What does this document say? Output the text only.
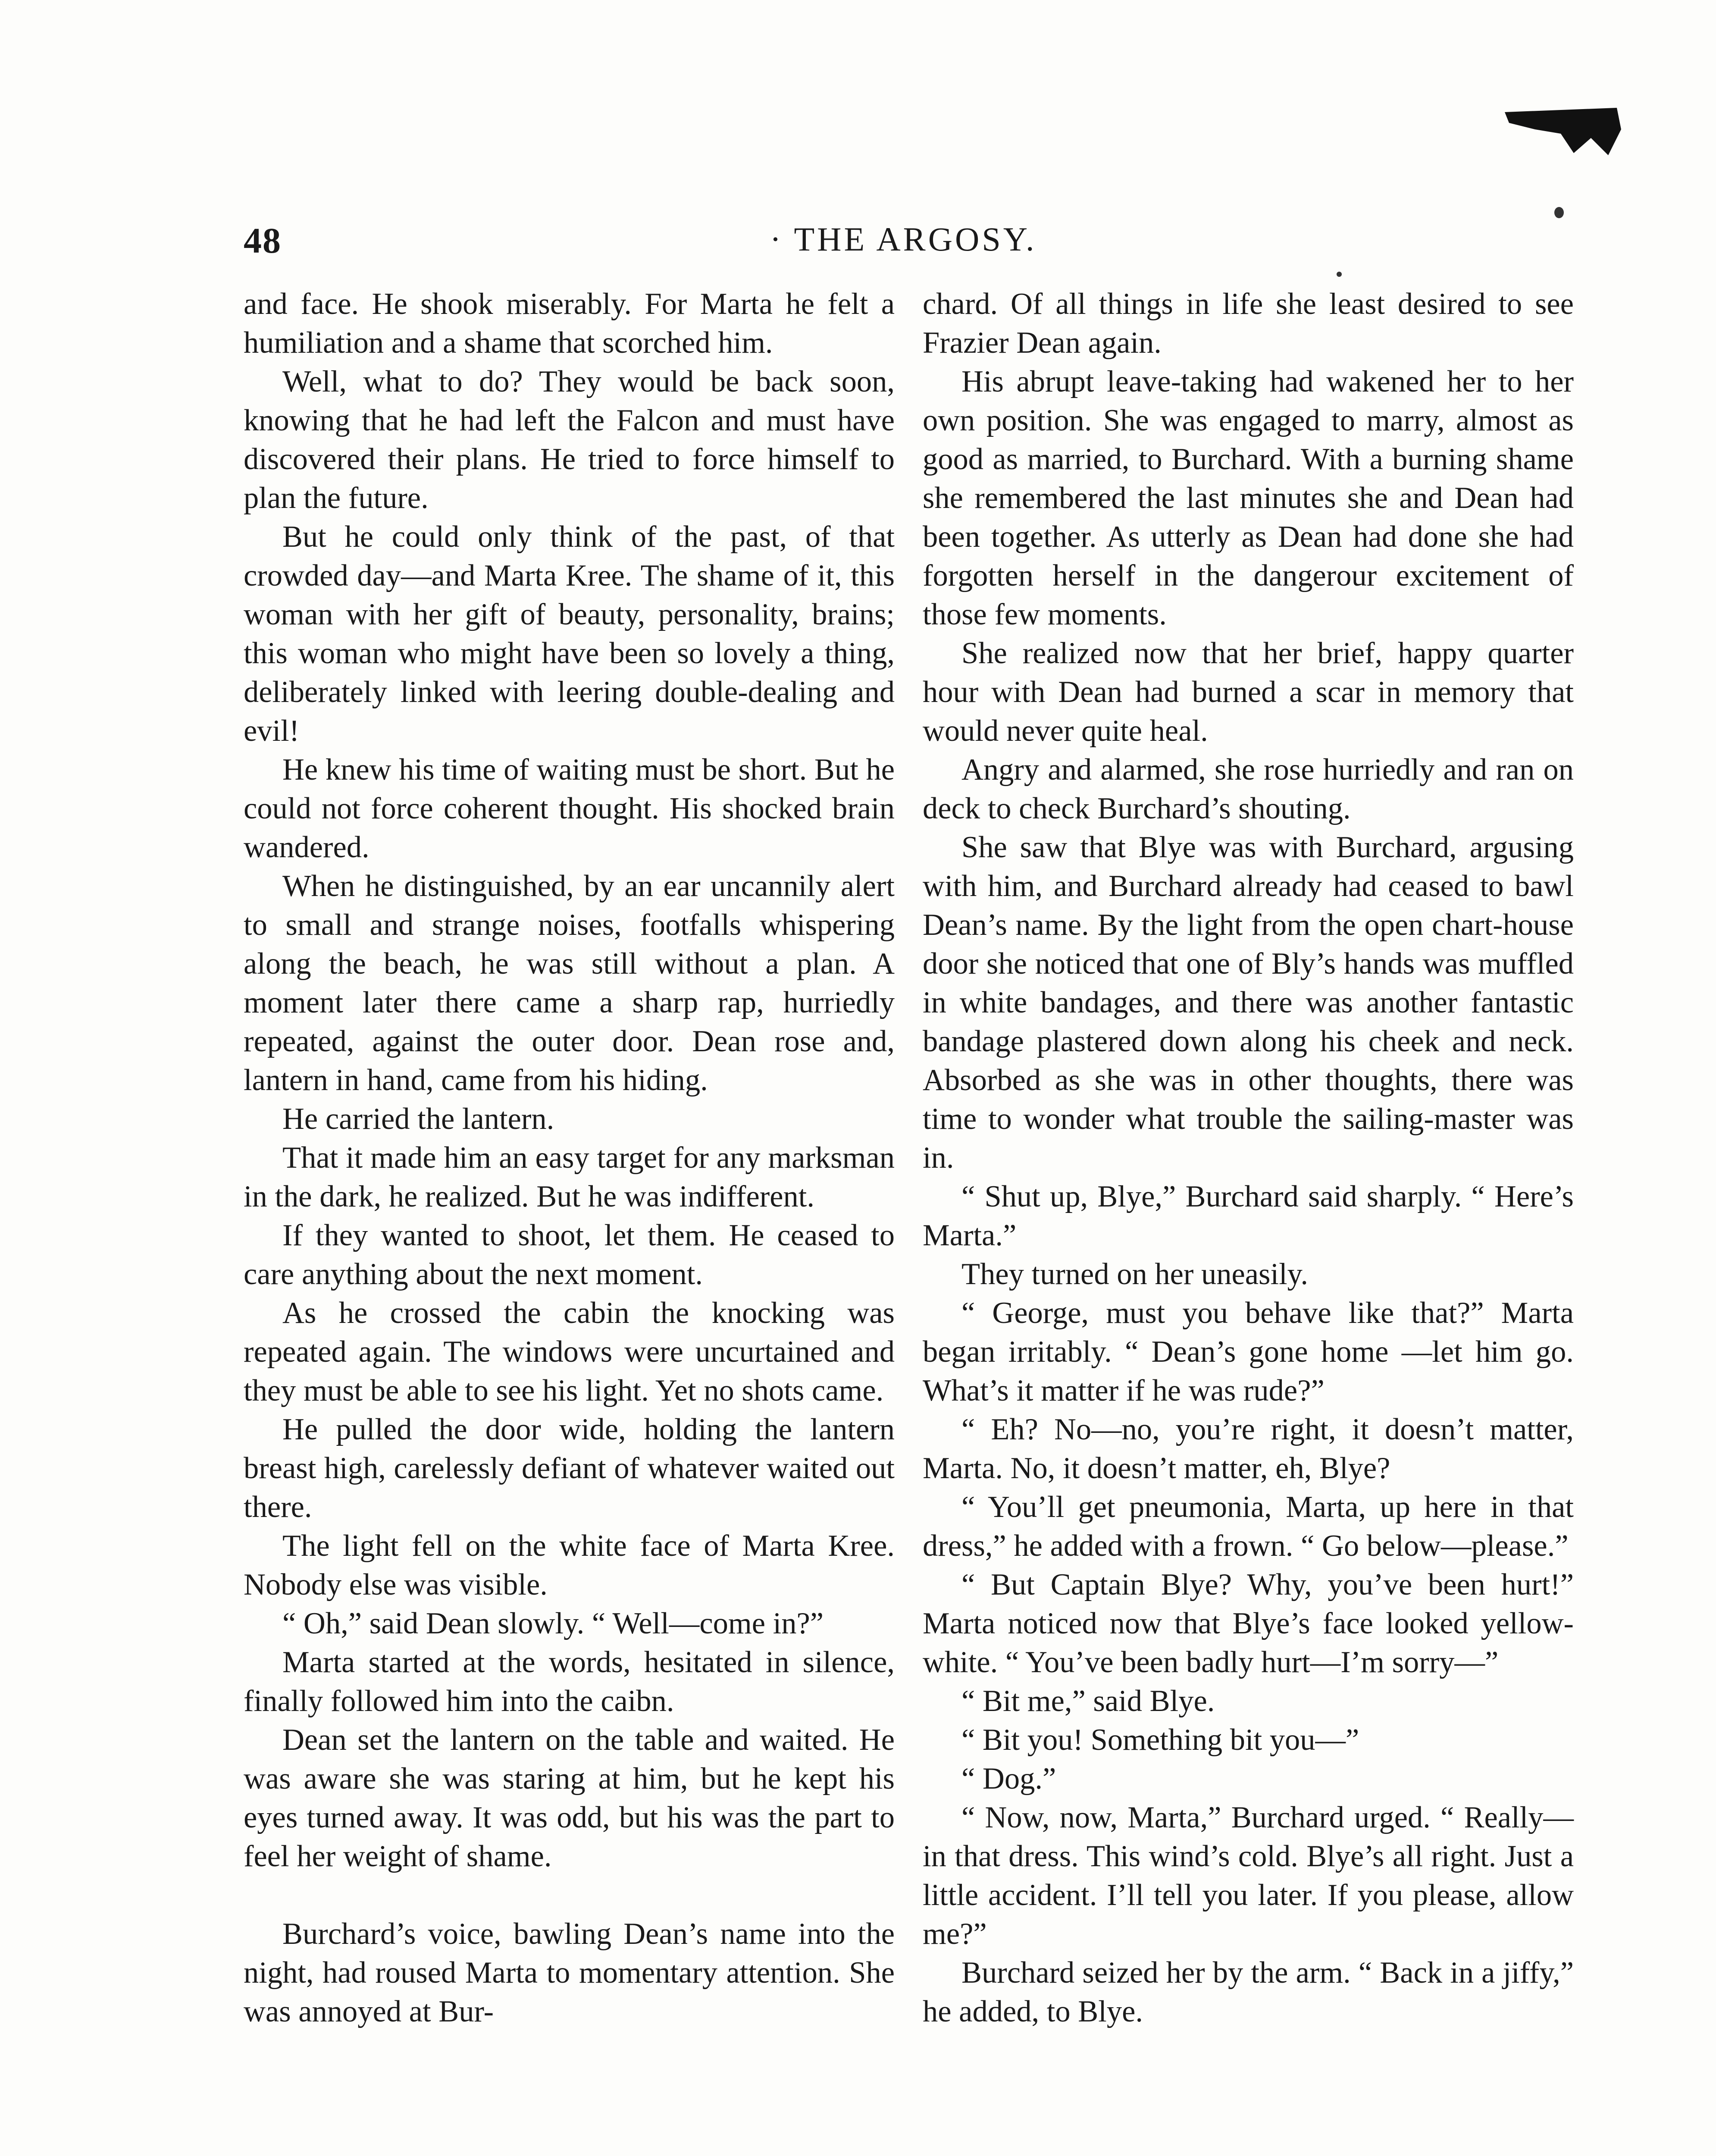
48	· THE ARGOSY.

and face. He shook miserably. For Marta he felt a humiliation and a shame that scorched him.

Well, what to do? They would be back soon, knowing that he had left the Falcon and must have discovered their plans. He tried to force himself to plan the future.

But he could only think of the past, of that crowded day—and Marta Kree. The shame of it, this woman with her gift of beauty, personality, brains; this woman who might have been so lovely a thing, deliberately linked with leering double-dealing and evil!

He knew his time of waiting must be short. But he could not force coherent thought. His shocked brain wandered.

When he distinguished, by an ear uncannily alert to small and strange noises, footfalls whispering along the beach, he was still without a plan. A moment later there came a sharp rap, hurriedly repeated, against the outer door. Dean rose and, lantern in hand, came from his hiding.

He carried the lantern.

That it made him an easy target for any marksman in the dark, he realized. But he was indifferent.

If they wanted to shoot, let them. He ceased to care anything about the next moment.

As he crossed the cabin the knocking was repeated again. The windows were uncurtained and they must be able to see his light. Yet no shots came.

He pulled the door wide, holding the lantern breast high, carelessly defiant of whatever waited out there.

The light fell on the white face of Marta Kree. Nobody else was visible.

“ Oh,” said Dean slowly. “ Well—come in?”

Marta started at the words, hesitated in silence, finally followed him into the caibn.

Dean set the lantern on the table and waited. He was aware she was staring at him, but he kept his eyes turned away. It was odd, but his was the part to feel her weight of shame.

Burchard’s voice, bawling Dean’s name into the night, had roused Marta to momentary attention. She was annoyed at Bur-

chard. Of all things in life she least desired to see Frazier Dean again.

His abrupt leave-taking had wakened her to her own position. She was engaged to marry, almost as good as married, to Burchard. With a burning shame she remembered the last minutes she and Dean had been together. As utterly as Dean had done she had forgotten herself in the dangerour excitement of those few moments.

She realized now that her brief, happy quarter hour with Dean had burned a scar in memory that would never quite heal.

Angry and alarmed, she rose hurriedly and ran on deck to check Burchard’s shouting.

She saw that Blye was with Burchard, argusing with him, and Burchard already had ceased to bawl Dean’s name. By the light from the open chart-house door she noticed that one of Bly’s hands was muffled in white bandages, and there was another fantastic bandage plastered down along his cheek and neck. Absorbed as she was in other thoughts, there was time to wonder what trouble the sailing-master was in.

“ Shut up, Blye,” Burchard said sharply. “ Here’s Marta.”

They turned on her uneasily.

“ George, must you behave like that?” Marta began irritably. “ Dean’s gone home —let him go. What’s it matter if he was rude?”

“ Eh? No—no, you’re right, it doesn’t matter, Marta. No, it doesn’t matter, eh, Blye?

“ You’ll get pneumonia, Marta, up here in that dress,” he added with a frown. “ Go below—please.”

“ But Captain Blye? Why, you’ve been hurt!” Marta noticed now that Blye’s face looked yellow-white. “ You’ve been badly hurt—I’m sorry—”

“ Bit me,” said Blye.

“ Bit you! Something bit you—”

“ Dog.”

“ Now, now, Marta,” Burchard urged. “ Really—in that dress. This wind’s cold. Blye’s all right. Just a little accident. I’ll tell you later. If you please, allow me?”

Burchard seized her by the arm. “ Back in a jiffy,” he added, to Blye.
